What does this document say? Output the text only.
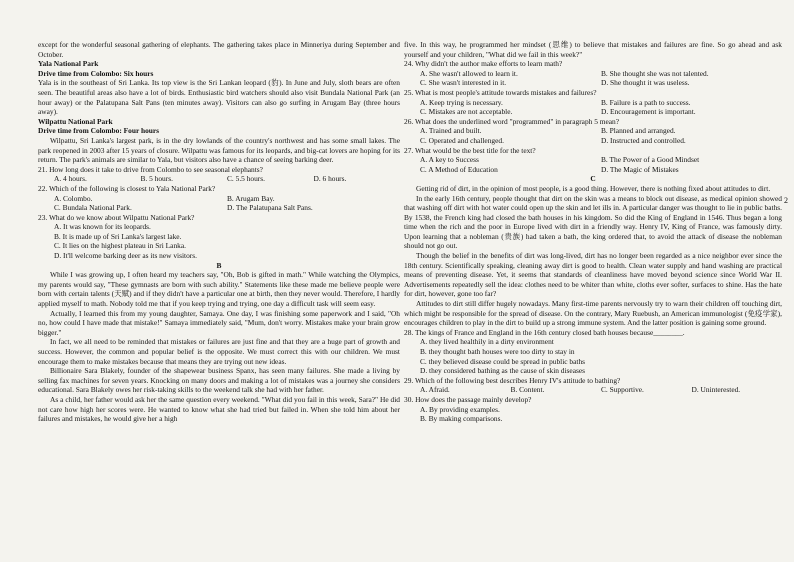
except for the wonderful seasonal gathering of elephants. The gathering takes place in Minneriya during September and October.

Yala National Park

Drive time from Colombo: Six hours

Yala is in the southeast of Sri Lanka. Its top view is the Sri Lankan leopard (豹). In June and July, sloth bears are often seen. The beautiful areas also have a lot of birds. Enthusiastic bird watchers should also visit Bundala National Park (an hour away) or the Palatupana Salt Pans (ten minutes away). Visitors can also go surfing in Arugam Bay (three hours away).

Wilpattu National Park

Drive time from Colombo: Four hours

Wilpattu, Sri Lanka's largest park, is in the dry lowlands of the country's northwest and has some small lakes. The park reopened in 2003 after 15 years of closure. Wilpattu was famous for its leopards, and big-cat lovers are hoping for its return. The park's animals are similar to Yala, but visitors also have a chance of seeing barking deer.

21. How long does it take to drive from Colombo to see seasonal elephants?

A. 4 hours.	B. 5 hours.	C. 5.5 hours.	D. 6 hours.

22. Which of the following is closest to Yala National Park?

A. Colombo.	B. Arugam Bay.
C. Bundala National Park.	D. The Palatupana Salt Pans.

23. What do we know about Wilpattu National Park?

A. It was known for its leopards.
B. It is made up of Sri Lanka's largest lake.
C. It lies on the highest plateau in Sri Lanka.
D. It'll welcome barking deer as its new visitors.

B

While I was growing up, I often heard my teachers say, "Oh, Bob is gifted in math." While watching the Olympics, my parents would say, "These gymnasts are born with such ability." Statements like these made me believe people were born with certain talents (天赋) and if they didn't have a particular one at birth, then they never would. Therefore, I hardly applied myself to math. Nobody told me that if you keep trying and trying, one day a difficult task will seem easy.

Actually, I learned this from my young daughter, Samaya. One day, I was finishing some paperwork and I said, "Oh no, how could I have made that mistake!" Samaya immediately said, "Mum, don't worry. Mistakes make your brain grow bigger."

In fact, we all need to be reminded that mistakes or failures are just fine and that they are a huge part of growth and success. However, the common and popular belief is the opposite. We must correct this with our children. We must encourage them to make mistakes because that means they are trying out new ideas.

Billionaire Sara Blakely, founder of the shapewear business Spanx, has seen many failures. She made a living by selling fax machines for seven years. Knocking on many doors and making a lot of mistakes was a journey she considers educational. Sara Blakely owes her risk-taking skills to the weekend talk she had with her father.

As a child, her father would ask her the same question every weekend. "What did you fail in this week, Sara?" He did not care how high her scores were. He wanted to know what she had tried but failed in. When she told him about her failures and mistakes, he would give her a high

five. In this way, he programmed her mindset (思维) to believe that mistakes and failures are fine. So go ahead and ask yourself and your children, "What did we fail in this week?"

24. Why didn't the author make efforts to learn math?

A. She wasn't allowed to learn it.	B. She thought she was not talented.
C. She wasn't interested in it.	D. She thought it was useless.

25. What is most people's attitude towards mistakes and failures?

A. Keep trying is necessary.	B. Failure is a path to success.
C. Mistakes are not acceptable.	D. Encouragement is important.

26. What does the underlined word "programmed" in paragraph 5 mean?

A. Trained and built.	B. Planned and arranged.
C. Operated and challenged.	D. Instructed and controlled.

27. What would be the best title for the text?

A. A key to Success	B. The Power of a Good Mindset
C. A Method of Education	D. The Magic of Mistakes

C

Getting rid of dirt, in the opinion of most people, is a good thing. However, there is nothing fixed about attitudes to dirt.

In the early 16th century, people thought that dirt on the skin was a means to block out disease, as medical opinion showed that washing off dirt with hot water could open up the skin and let ills in. A particular danger was thought to lie in public baths. By 1538, the French king had closed the bath houses in his kingdom. So did the King of England in 1546. Thus began a long time when the rich and the poor in Europe lived with dirt in a friendly way. Henry IV, King of France, was famously dirty. Upon learning that a nobleman (贵族) had taken a bath, the king ordered that, to avoid the attack of disease the nobleman should not go out.

Though the belief in the benefits of dirt was long-lived, dirt has no longer been regarded as a nice neighbor ever since the 18th century. Scientifically speaking, cleaning away dirt is good to health. Clean water supply and hand washing are practical means of preventing disease. Yet, it seems that standards of cleanliness have moved beyond science since World War II. Advertisements repeatedly sell the idea: clothes need to be whiter than white, cloths ever softer, surfaces to shine. Has the hate for dirt, however, gone too far?

Attitudes to dirt still differ hugely nowadays. Many first-time parents nervously try to warn their children off touching dirt, which might be responsible for the spread of disease. On the contrary, Mary Ruebush, an American immunologist (免疫学家), encourages children to play in the dirt to build up a strong immune system. And the latter position is gaining some ground.

28. The kings of France and England in the 16th century closed bath houses because________.

A. they lived healthily in a dirty environment
B. they thought bath houses were too dirty to stay in
C. they believed disease could be spread in public baths
D. they considered bathing as the cause of skin diseases

29. Which of the following best describes Henry IV's attitude to bathing?

A. Afraid.	B. Content.	C. Supportive.	D. Uninterested.

30. How does the passage mainly develop?

A. By providing examples.
B. By making comparisons.
2
